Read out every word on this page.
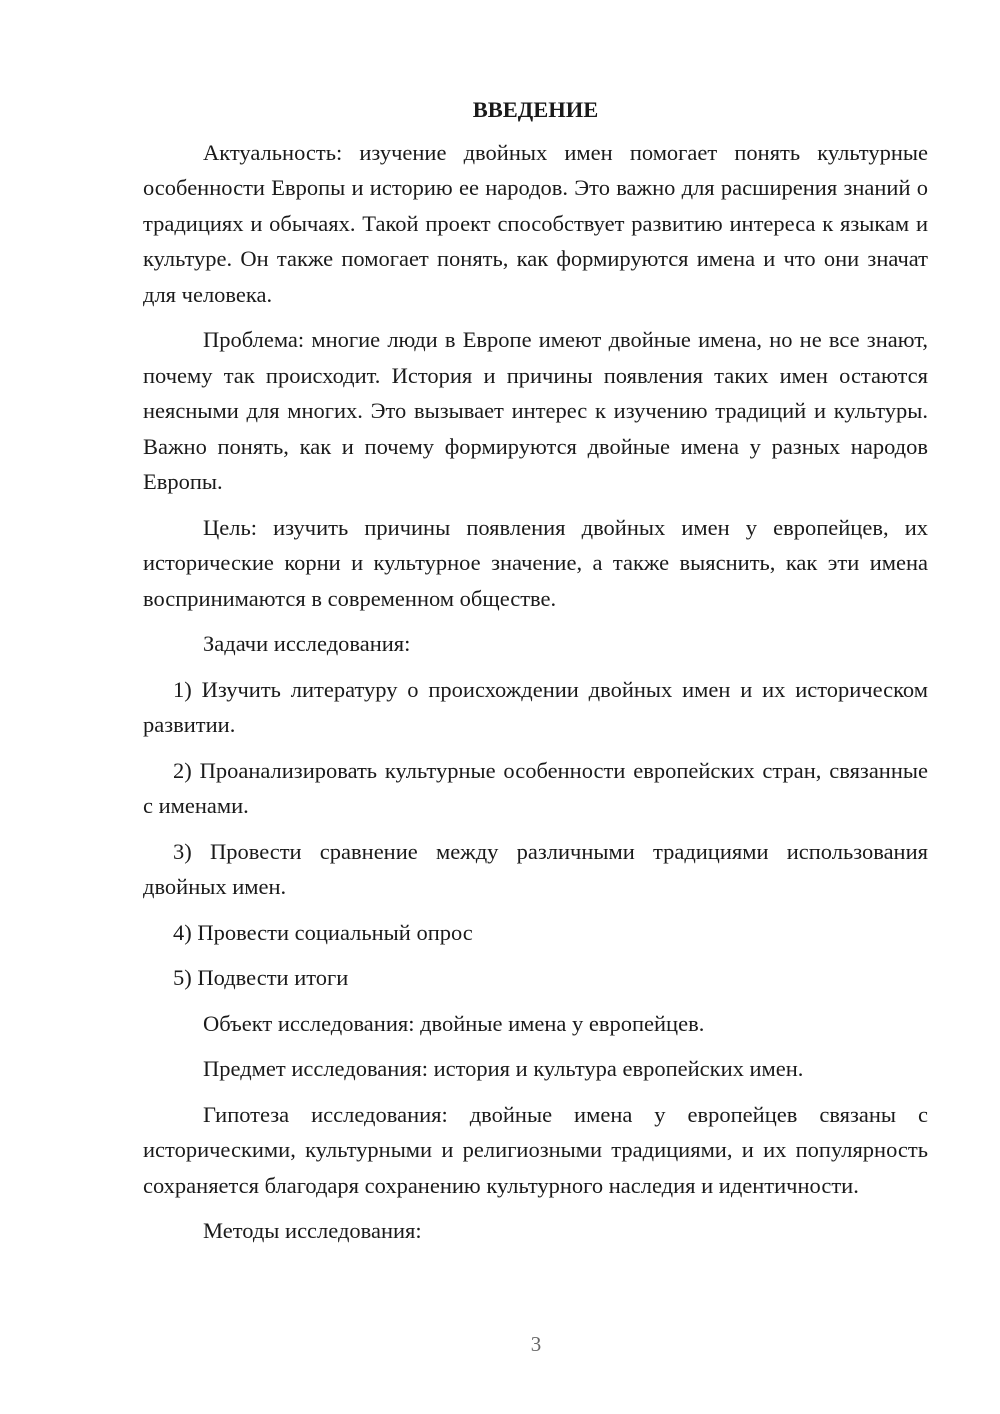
ВВЕДЕНИЕ

Актуальность: изучение двойных имен помогает понять культурные особенности Европы и историю ее народов. Это важно для расширения знаний о традициях и обычаях. Такой проект способствует развитию интереса к языкам и культуре. Он также помогает понять, как формируются имена и что они значат для человека.

Проблема: многие люди в Европе имеют двойные имена, но не все знают, почему так происходит. История и причины появления таких имен остаются неясными для многих. Это вызывает интерес к изучению традиций и культуры. Важно понять, как и почему формируются двойные имена у разных народов Европы.

Цель: изучить причины появления двойных имен у европейцев, их исторические корни и культурное значение, а также выяснить, как эти имена воспринимаются в современном обществе.

Задачи исследования:

1) Изучить литературу о происхождении двойных имен и их историческом развитии.

2) Проанализировать культурные особенности европейских стран, связанные с именами.

3) Провести сравнение между различными традициями использования двойных имен.

4) Провести социальный опрос

5) Подвести итоги

Объект исследования: двойные имена у европейцев.

Предмет исследования: история и культура европейских имен.

Гипотеза исследования: двойные имена у европейцев связаны с историческими, культурными и религиозными традициями, и их популярность сохраняется благодаря сохранению культурного наследия и идентичности.

Методы исследования:

3
